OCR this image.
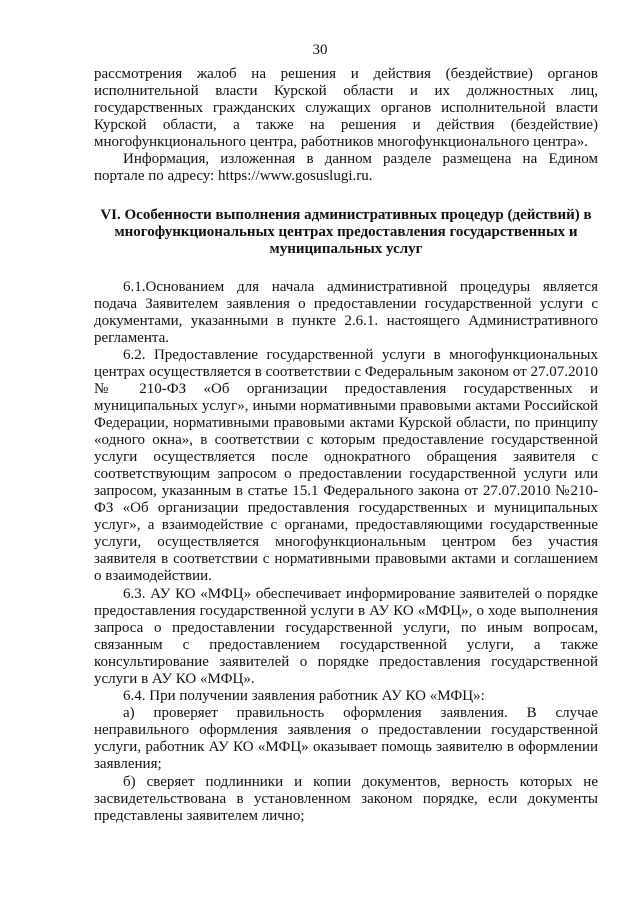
30

рассмотрения жалоб на решения и действия (бездействие) органов исполнительной власти Курской области и их должностных лиц, государственных гражданских служащих органов исполнительной власти Курской области, а также на решения и действия (бездействие) многофункционального центра, работников многофункционального центра».

Информация, изложенная в данном разделе размещена на Едином портале по адресу: https://www.gosuslugi.ru.

VI. Особенности выполнения административных процедур (действий) в многофункциональных центрах предоставления государственных и муниципальных услуг

6.1.Основанием для начала административной процедуры является подача Заявителем заявления о предоставлении государственной услуги с документами, указанными в пункте 2.6.1. настоящего Административного регламента.

6.2. Предоставление государственной услуги в многофункциональных центрах осуществляется в соответствии с Федеральным законом от 27.07.2010 № 210-ФЗ «Об организации предоставления государственных и муниципальных услуг», иными нормативными правовыми актами Российской Федерации, нормативными правовыми актами Курской области, по принципу «одного окна», в соответствии с которым предоставление государственной услуги осуществляется после однократного обращения заявителя с соответствующим запросом о предоставлении государственной услуги или запросом, указанным в статье 15.1 Федерального закона от 27.07.2010 №210-ФЗ «Об организации предоставления государственных и муниципальных услуг», а взаимодействие с органами, предоставляющими государственные услуги, осуществляется многофункциональным центром без участия заявителя в соответствии с нормативными правовыми актами и соглашением о взаимодействии.

6.3. АУ КО «МФЦ» обеспечивает информирование заявителей о порядке предоставления государственной услуги в АУ КО «МФЦ», о ходе выполнения запроса о предоставлении государственной услуги, по иным вопросам, связанным с предоставлением государственной услуги, а также консультирование заявителей о порядке предоставления государственной услуги в АУ КО «МФЦ».

6.4. При получении заявления работник АУ КО «МФЦ»:

а) проверяет правильность оформления заявления. В случае неправильного оформления заявления о предоставлении государственной услуги, работник АУ КО «МФЦ» оказывает помощь заявителю в оформлении заявления;

б) сверяет подлинники и копии документов, верность которых не засвидетельствована в установленном законом порядке, если документы представлены заявителем лично;
